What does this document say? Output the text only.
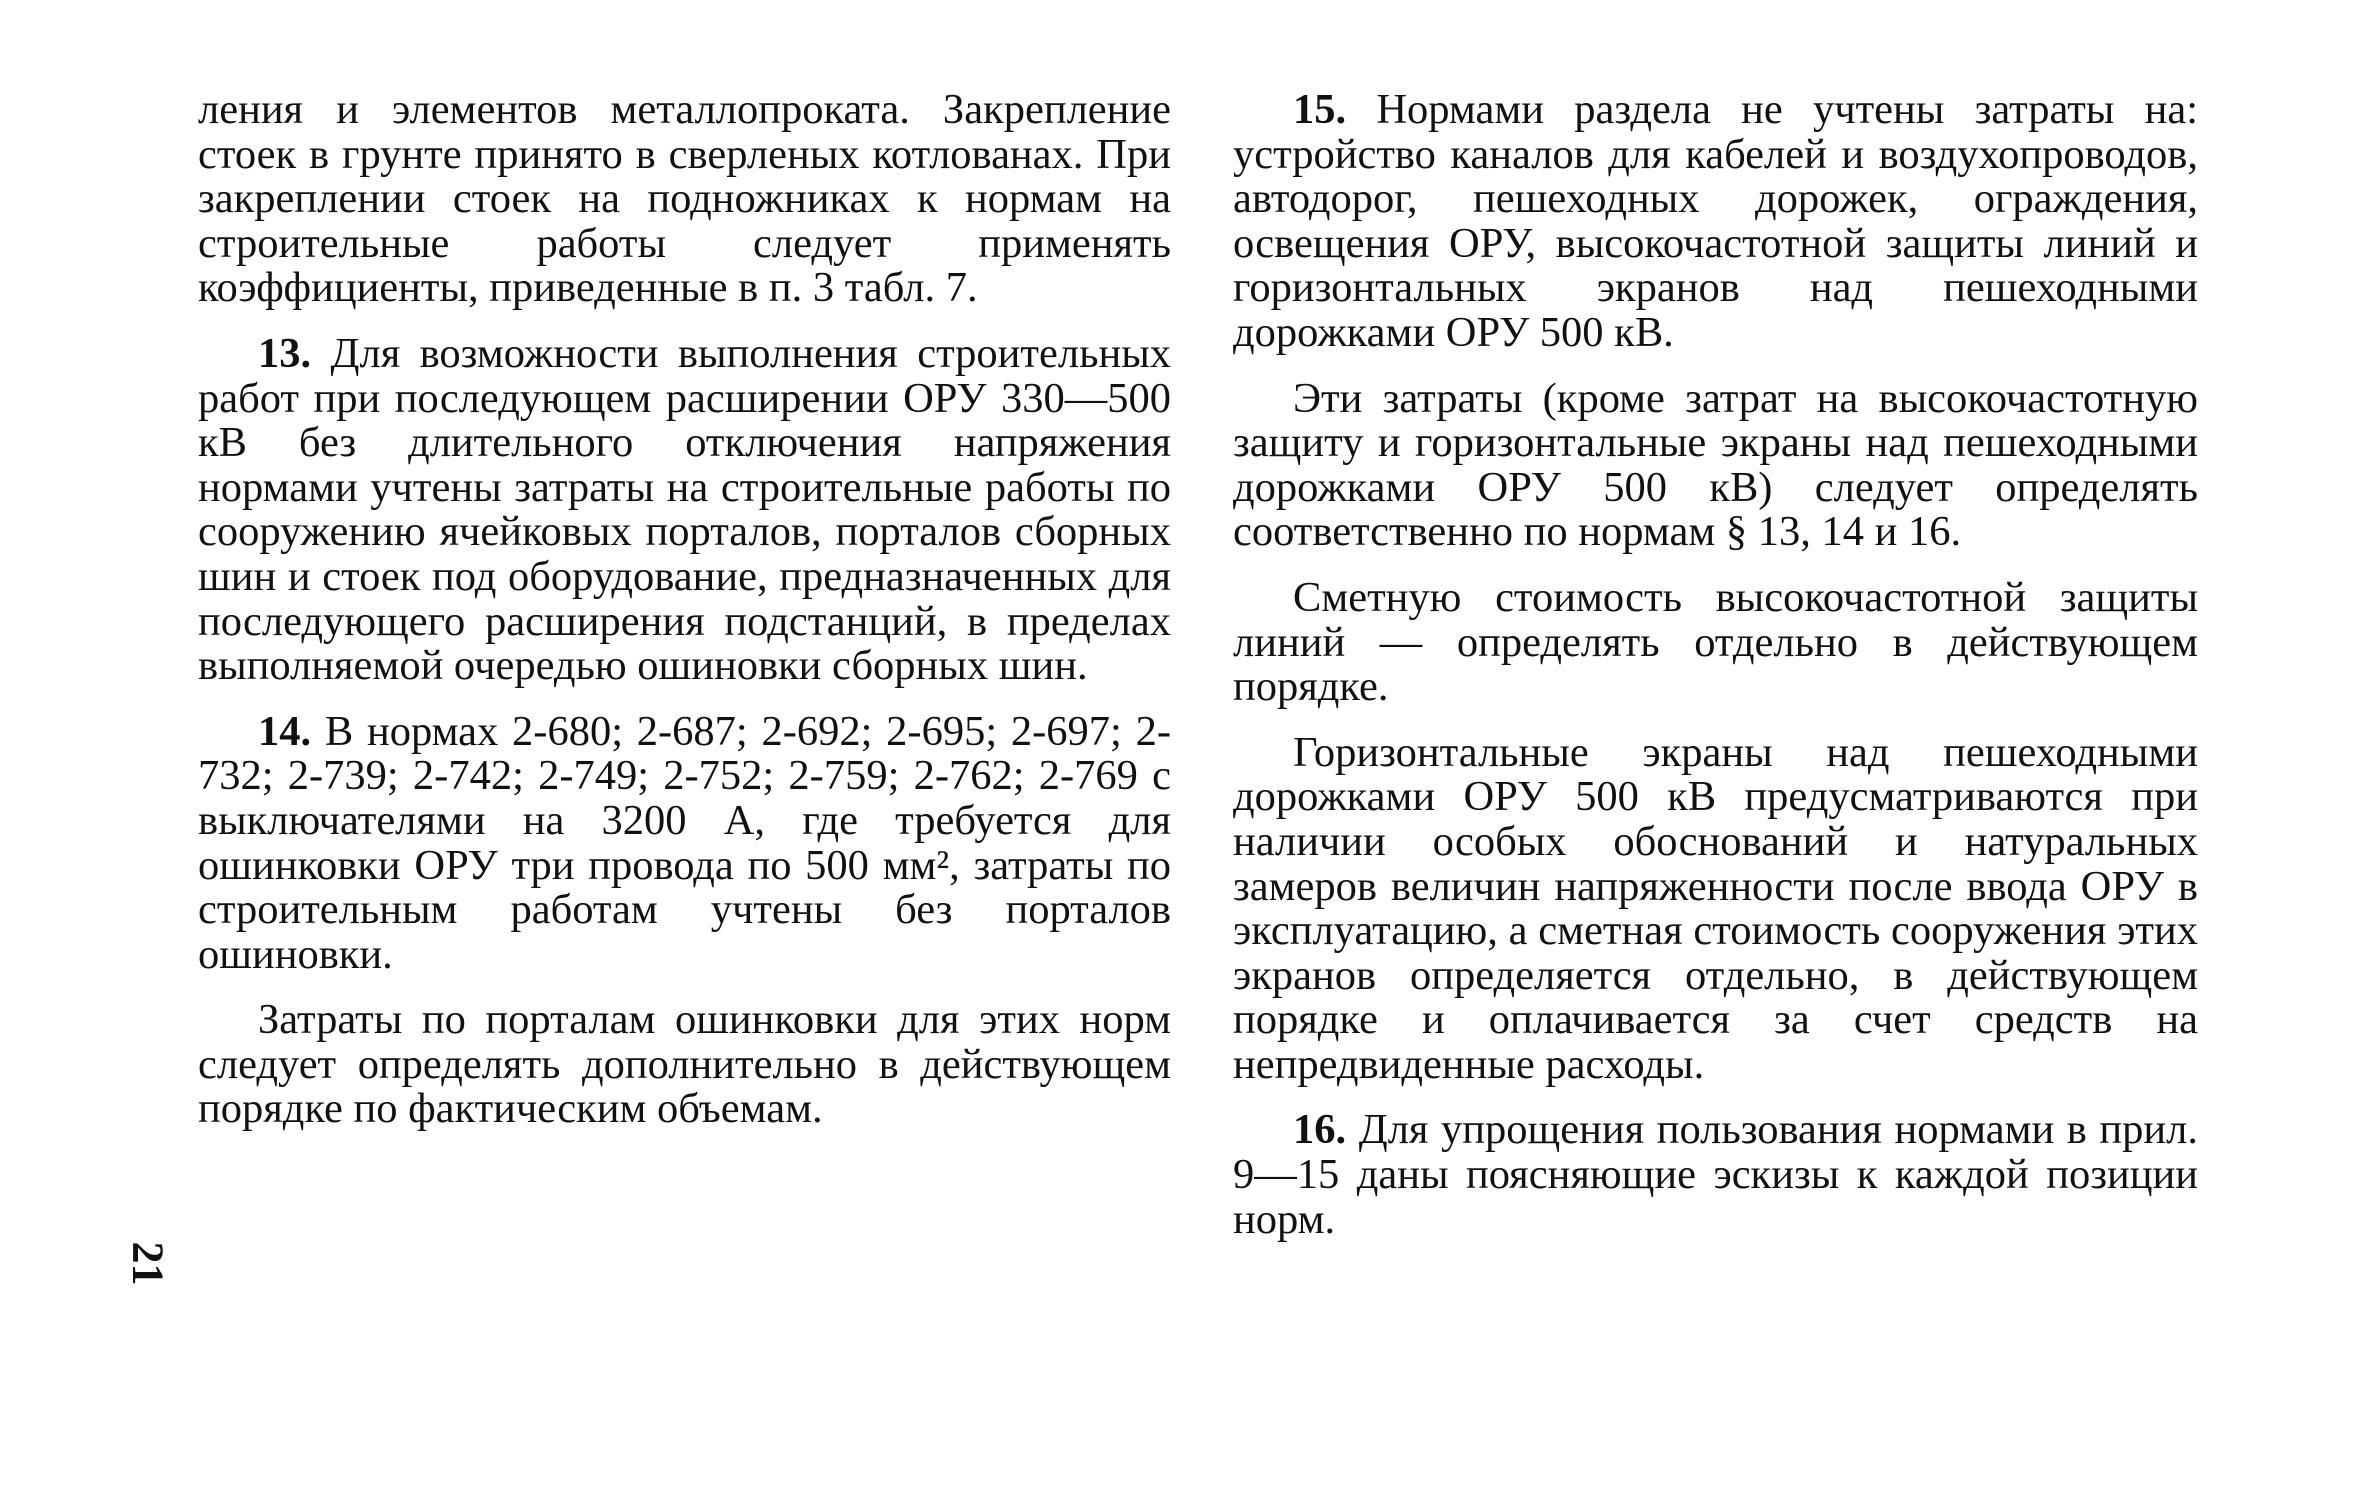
21

ления и элементов металлопроката. Закрепление стоек в грунте принято в сверленых котлованах. При закреплении стоек на подножниках к нормам на строительные работы следует применять коэффициенты, приведенные в п. 3 табл. 7.

13. Для возможности выполнения строительных работ при последующем расширении ОРУ 330—500 кВ без длительного отключения напряжения нормами учтены затраты на строительные работы по сооружению ячейковых порталов, порталов сборных шин и стоек под оборудование, предназначенных для последующего расширения подстанций, в пределах выполняемой очередью ошиновки сборных шин.

14. В нормах 2-680; 2-687; 2-692; 2-695; 2-697; 2-732; 2-739; 2-742; 2-749; 2-752; 2-759; 2-762; 2-769 с выключателями на 3200 А, где требуется для ошинковки ОРУ три провода по 500 мм², затраты по строительным работам учтены без порталов ошиновки.

Затраты по порталам ошинковки для этих норм следует определять дополнительно в действующем порядке по фактическим объемам.

15. Нормами раздела не учтены затраты на: устройство каналов для кабелей и воздухопроводов, автодорог, пешеходных дорожек, ограждения, освещения ОРУ, высокочастотной защиты линий и горизонтальных экранов над пешеходными дорожками ОРУ 500 кВ.

Эти затраты (кроме затрат на высокочастотную защиту и горизонтальные экраны над пешеходными дорожками ОРУ 500 кВ) следует определять соответственно по нормам § 13, 14 и 16.

Сметную стоимость высокочастотной защиты линий — определять отдельно в действующем порядке.

Горизонтальные экраны над пешеходными дорожками ОРУ 500 кВ предусматриваются при наличии особых обоснований и натуральных замеров величин напряженности после ввода ОРУ в эксплуатацию, а сметная стоимость сооружения этих экранов определяется отдельно, в действующем порядке и оплачивается за счет средств на непредвиденные расходы.

16. Для упрощения пользования нормами в прил. 9—15 даны поясняющие эскизы к каждой позиции норм.
